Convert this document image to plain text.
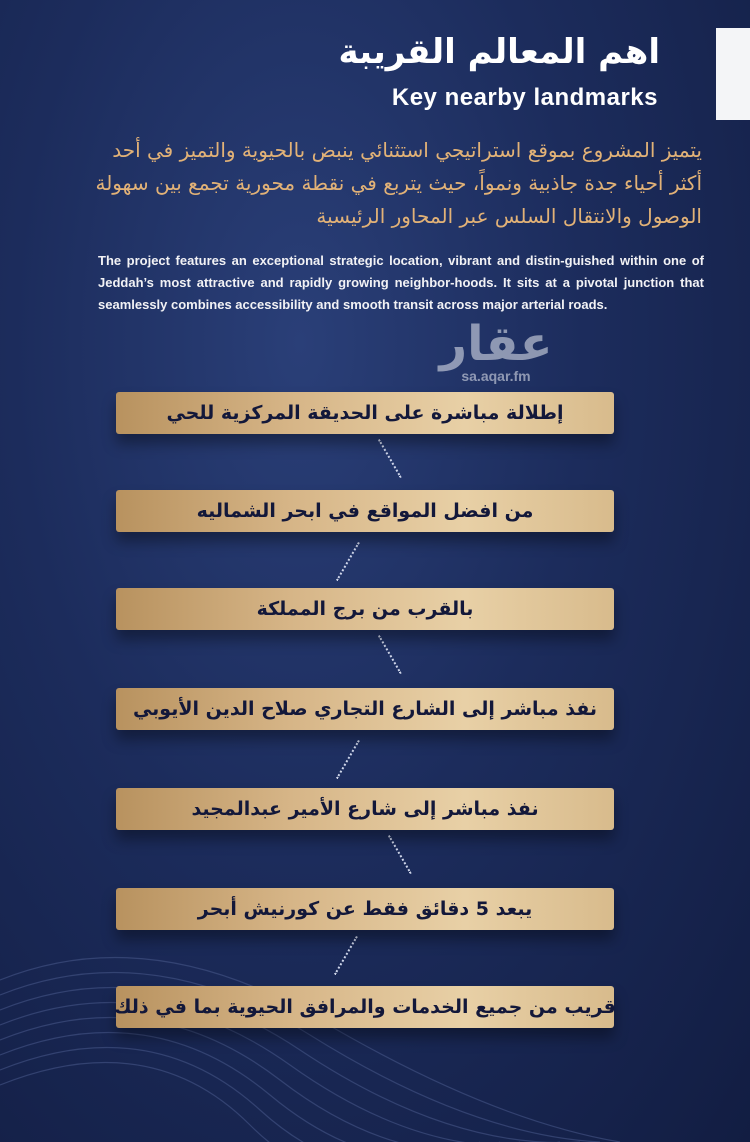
اهم المعالم القريبة
Key nearby landmarks

يتميز المشروع بموقع استراتيجي استثنائي ينبض بالحيوية والتميز في أحد أكثر أحياء جدة جاذبية ونمواً، حيث يتربع في نقطة محورية تجمع بين سهولة الوصول والانتقال السلس عبر المحاور الرئيسية

The project features an exceptional strategic location, vibrant and distin-guished within one of Jeddah’s most attractive and rapidly growing neighbor-hoods. It sits at a pivotal junction that seamlessly combines accessibility and smooth transit across major arterial roads.

عقار
sa.aqar.fm
إطلالة مباشرة على الحديقة المركزية للحي
من افضل المواقع في ابحر الشماليه
بالقرب من برج المملكة
نفذ مباشر إلى الشارع التجاري صلاح الدين الأيوبي
نفذ مباشر إلى شارع الأمير عبدالمجيد
يبعد 5 دقائق فقط عن كورنيش أبحر
قريب من جميع الخدمات والمرافق الحيوية بما في ذلك
